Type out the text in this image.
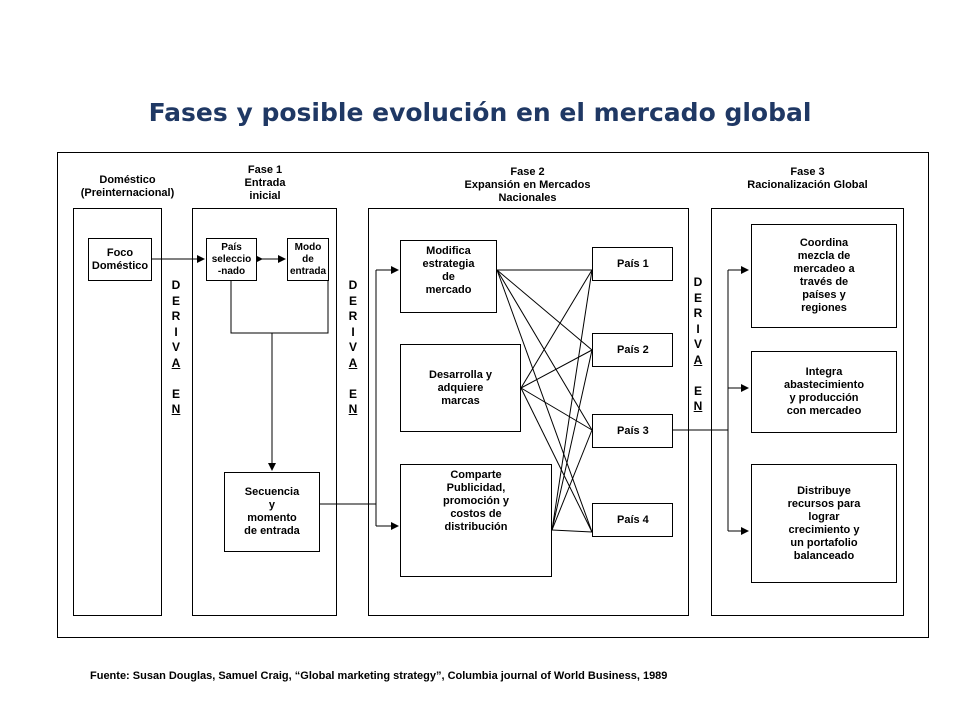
Fases y posible evolución en el mercado global
Doméstico
(Preinternacional)
Fase 1
Entrada
inicial
Fase 2
Expansión en Mercados
Nacionales
Fase 3
Racionalización Global
D
E
R
I
V
A

E
N
D
E
R
I
V
A

E
N
D
E
R
I
V
A

E
N
Foco
Doméstico
País
seleccio
-nado
Modo
de
entrada
Secuencia
y
momento
de entrada
Modifica
estrategia
de
mercado
Desarrolla y
adquiere
marcas
Comparte
Publicidad,
promoción y
costos de
distribución
País 1
País 2
País 3
País 4
Coordina
mezcla de
mercadeo a
través de
países y
regiones
Integra
abastecimiento
y producción
con mercadeo
Distribuye
recursos para
lograr
crecimiento y
un portafolio
balanceado
Fuente: Susan Douglas, Samuel Craig, “Global marketing strategy”, Columbia journal of World Business, 1989
